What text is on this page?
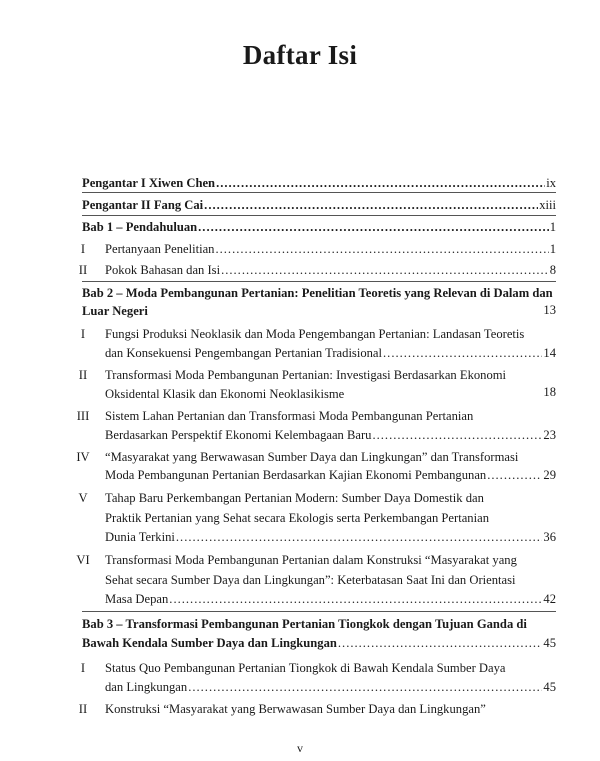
Daftar Isi
Pengantar I Xiwen Chen .....	ix
Pengantar II Fang Cai .....	xiii
Bab 1 – Pendahuluan .....	1
I	Pertanyaan Penelitian .....	1
II	Pokok Bahasan dan Isi .....	8
Bab 2 – Moda Pembangunan Pertanian: Penelitian Teoretis yang Relevan di Dalam dan
Luar Negeri	13
I	Fungsi Produksi Neoklasik dan Moda Pengembangan Pertanian: Landasan Teoretis
dan Konsekuensi Pengembangan Pertanian Tradisional .....	14
II	Transformasi Moda Pembangunan Pertanian: Investigasi Berdasarkan Ekonomi
Oksidental Klasik dan Ekonomi Neoklasikisme	18
III	Sistem Lahan Pertanian dan Transformasi Moda Pembangunan Pertanian
Berdasarkan Perspektif Ekonomi Kelembagaan Baru .....	23
IV	“Masyarakat yang Berwawasan Sumber Daya dan Lingkungan” dan Transformasi
Moda Pembangunan Pertanian Berdasarkan Kajian Ekonomi Pembangunan .....	29
V	Tahap Baru Perkembangan Pertanian Modern: Sumber Daya Domestik dan
Praktik Pertanian yang Sehat secara Ekologis serta Perkembangan Pertanian
Dunia Terkini .....	36
VI	Transformasi Moda Pembangunan Pertanian dalam Konstruksi “Masyarakat yang
Sehat secara Sumber Daya dan Lingkungan”: Keterbatasan Saat Ini dan Orientasi
Masa Depan .....	42
Bab 3 – Transformasi Pembangunan Pertanian Tiongkok dengan Tujuan Ganda di
Bawah Kendala Sumber Daya dan Lingkungan .....	45
I	Status Quo Pembangunan Pertanian Tiongkok di Bawah Kendala Sumber Daya
dan Lingkungan .....	45
II	Konstruksi “Masyarakat yang Berwawasan Sumber Daya dan Lingkungan”
v
